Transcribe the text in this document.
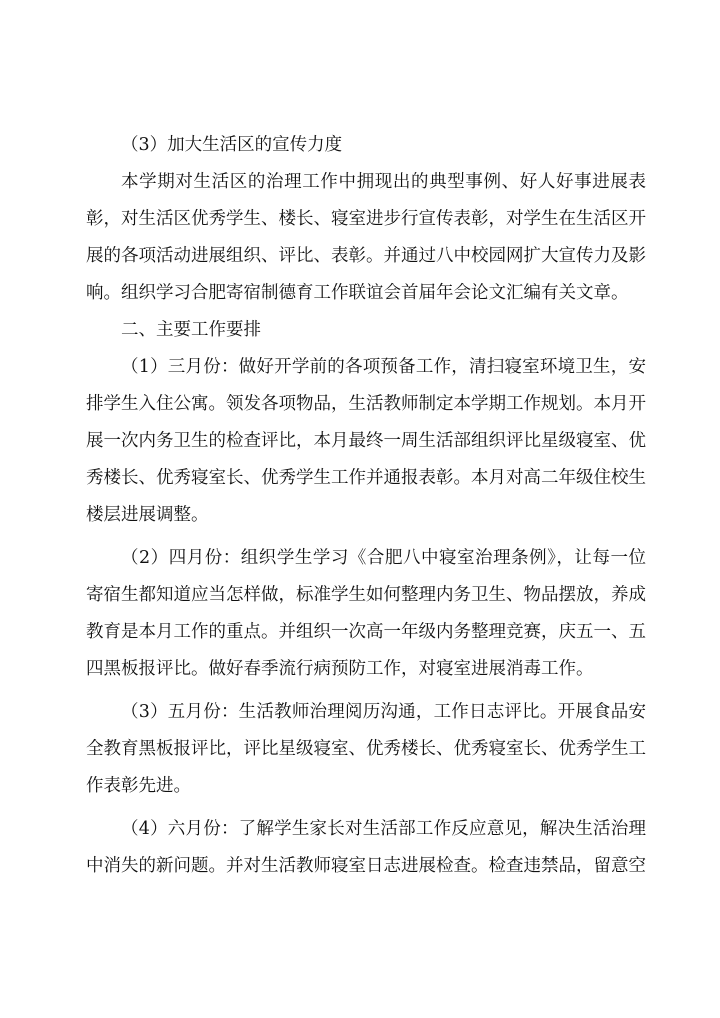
（3）加大生活区的宣传力度

本学期对生活区的治理工作中拥现出的典型事例、好人好事进展表彰，对生活区优秀学生、楼长、寝室进步行宣传表彰，对学生在生活区开展的各项活动进展组织、评比、表彰。并通过八中校园网扩大宣传力及影响。组织学习合肥寄宿制德育工作联谊会首届年会论文汇编有关文章。

二、主要工作要排

（1）三月份：做好开学前的各项预备工作，清扫寝室环境卫生，安排学生入住公寓。领发各项物品，生活教师制定本学期工作规划。本月开展一次内务卫生的检查评比，本月最终一周生活部组织评比星级寝室、优秀楼长、优秀寝室长、优秀学生工作并通报表彰。本月对高二年级住校生楼层进展调整。

（2）四月份：组织学生学习《合肥八中寝室治理条例》，让每一位寄宿生都知道应当怎样做，标准学生如何整理内务卫生、物品摆放，养成教育是本月工作的重点。并组织一次高一年级内务整理竞赛，庆五一、五四黑板报评比。做好春季流行病预防工作，对寝室进展消毒工作。

（3）五月份：生活教师治理阅历沟通，工作日志评比。开展食品安全教育黑板报评比，评比星级寝室、优秀楼长、优秀寝室长、优秀学生工作表彰先进。

（4）六月份：了解学生家长对生活部工作反应意见，解决生活治理中消失的新问题。并对生活教师寝室日志进展检查。检查违禁品，留意空
